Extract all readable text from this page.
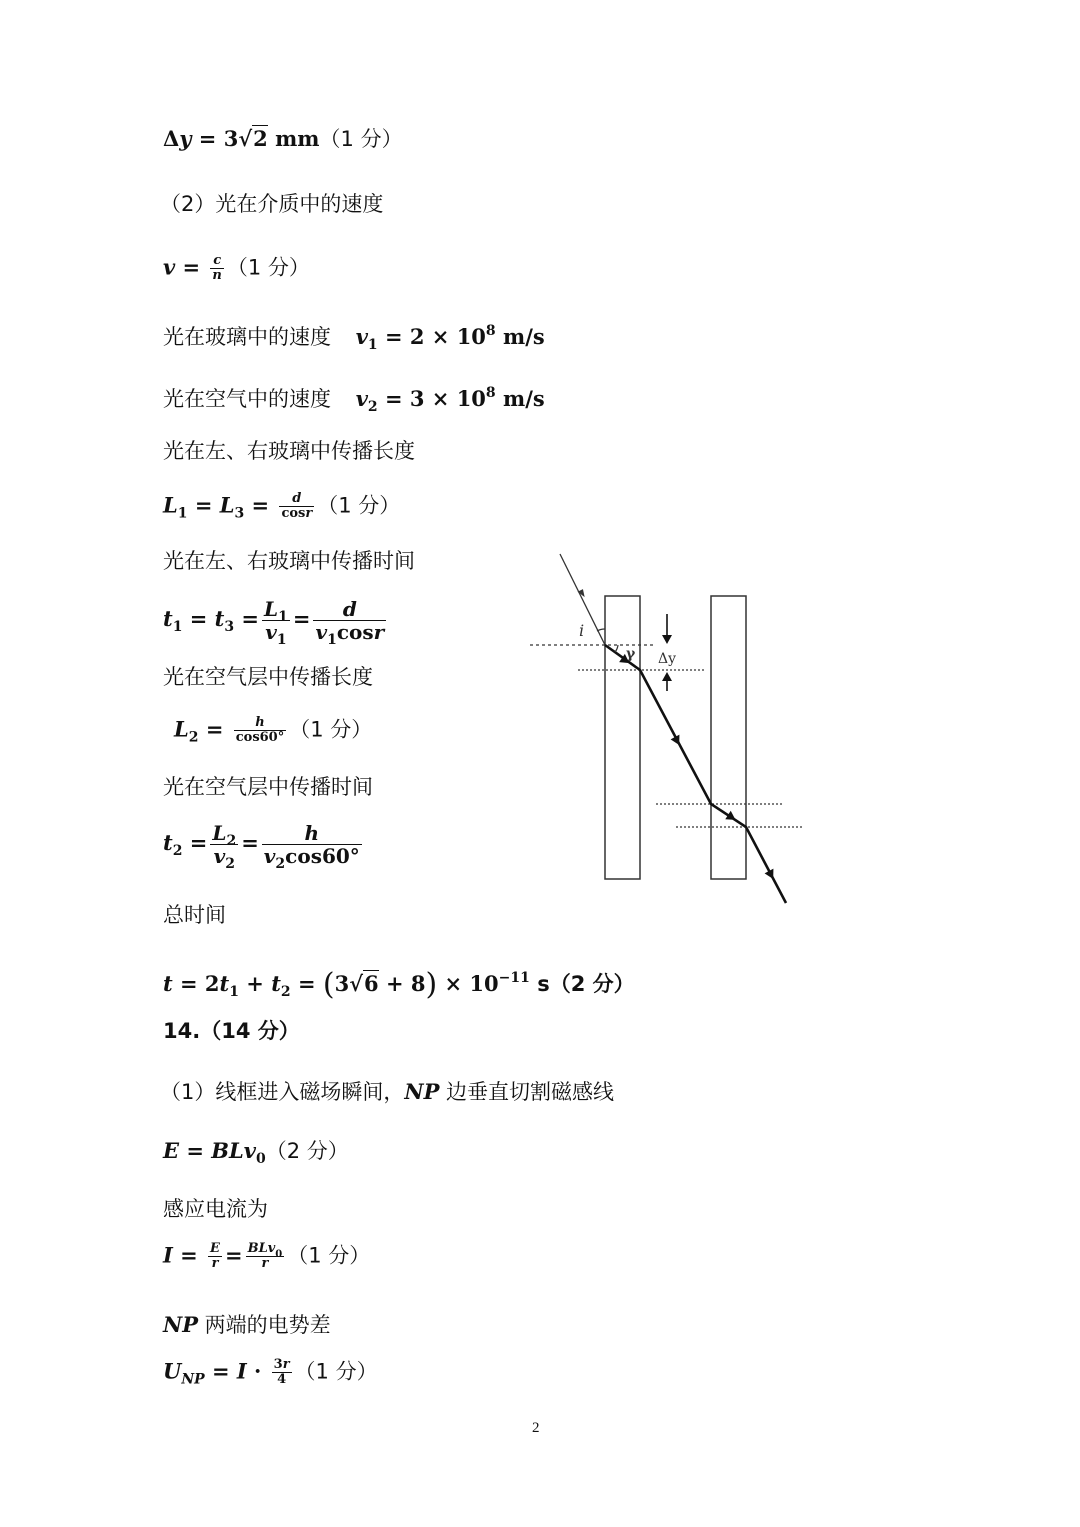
Δy = 3√2 mm（1 分）
（2）光在介质中的速度
$v = \frac{c}{n} (1$ 分）
光在玻璃中的速度 $v_1 = 2 \times 10^8$ m/s
光在空气中的速度 $v_2 = 3 \times 10^8$ m/s
光在左、右玻璃中传播长度
$L_1 = L_3 = \frac{d}{\cos r} (1$ 分）
光在左、右玻璃中传播时间
$t_1 = t_3 = \frac{L_1}{v_1} = \frac{d}{v_1\cos r}$
光在空气层中传播长度
$L_2 = \frac{h}{\cos 60^\circ} (1$ 分）
光在空气层中传播时间
$t_2 = \frac{L_2}{v_2} = \frac{h}{v_2\cos 60^\circ}$
总时间
$t = 2t_1 + t_2 = (3√6 + 8) \times 10^{-11}$ s（2 分）
14.（14 分）
（1）线框进入磁场瞬间，NP 边垂直切割磁感线
E = BLv$_0$（2 分）
感应电流为
$I = \frac{E}{r} = \frac{BLv_0}{r} (1$ 分）
NP 两端的电势差
$U_{NP} = I \cdot \frac{3r}{4} (1$ 分）
i
γ Δy
2
